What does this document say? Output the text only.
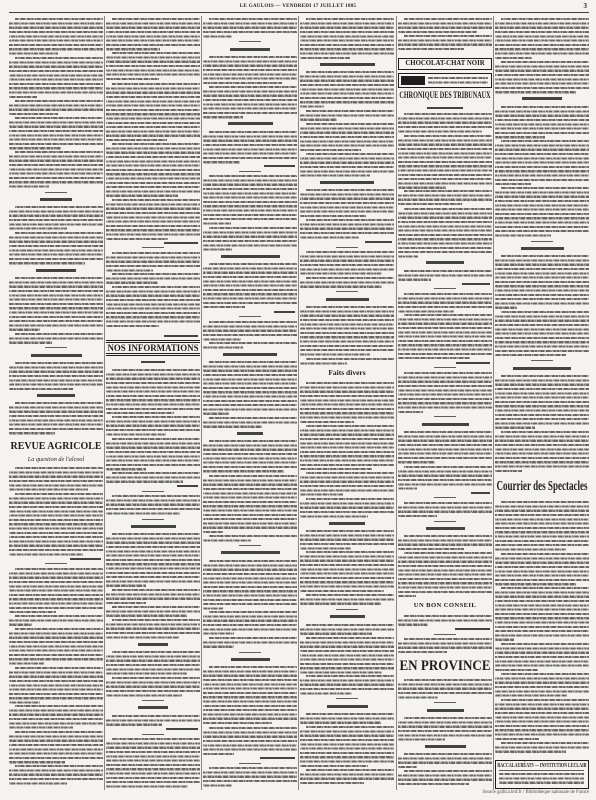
LE GAULOIS — VENDREDI 17 JUILLET 1885	3
REVUE AGRICOLE
La question de l'alcool
NOS INFORMATIONS
Faits divers
CHOCOLAT-CHAT NOIR
CHRONIQUE DES TRIBUNAUX
UN BON CONSEIL
EN PROVINCE
Courrier des Spectacles
BACCALAURÉATS — INSTITUTION LECLAIR
Source gallica.bnf.fr / Bibliothèque nationale de France
